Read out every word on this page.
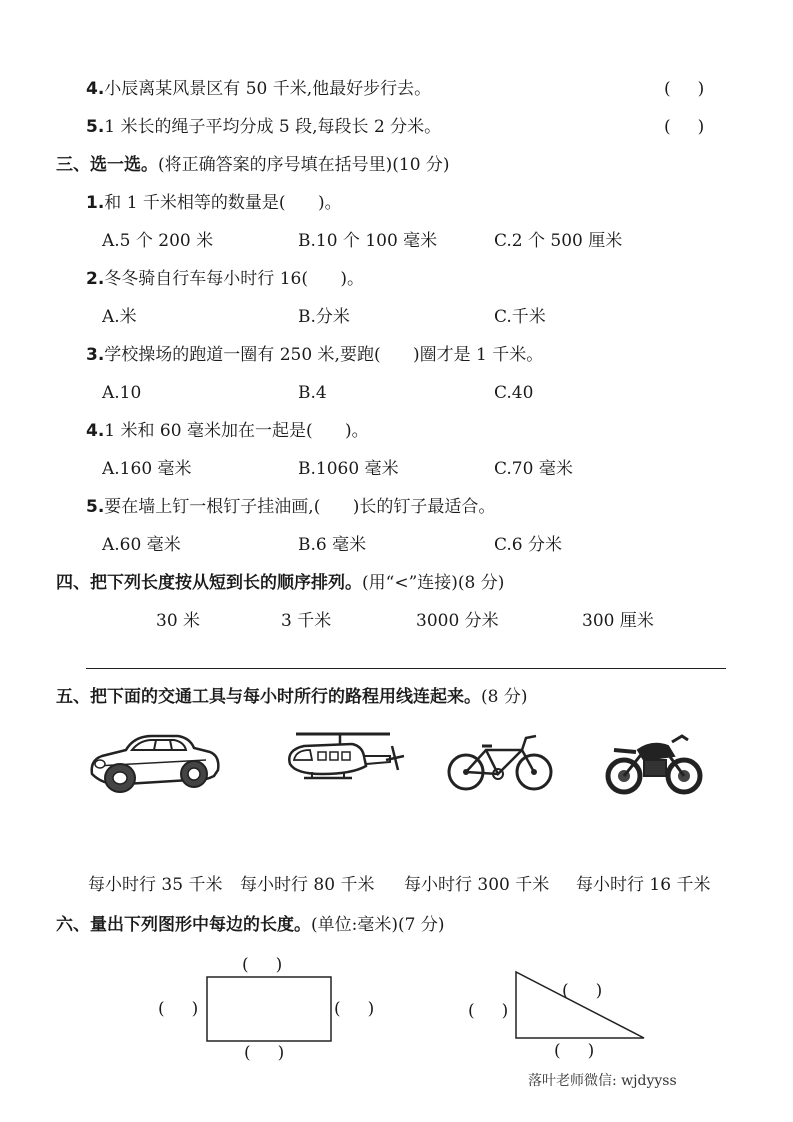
4.小辰离某风景区有 50 千米,他最好步行去。	(     )
5.1 米长的绳子平均分成 5 段,每段长 2 分米。	(     )
三、选一选。(将正确答案的序号填在括号里)(10 分)
1.和 1 千米相等的数量是(      )。
A.5 个 200 米	B.10 个 100 毫米	C.2 个 500 厘米
2.冬冬骑自行车每小时行 16(      )。
A.米	B.分米	C.千米
3.学校操场的跑道一圈有 250 米,要跑(      )圈才是 1 千米。
A.10	B.4	C.40
4.1 米和 60 毫米加在一起是(      )。
A.160 毫米	B.1060 毫米	C.70 毫米
5.要在墙上钉一根钉子挂油画,(      )长的钉子最适合。
A.60 毫米	B.6 毫米	C.6 分米
四、把下列长度按从短到长的顺序排列。(用“<”连接)(8 分)
30 米	3 千米	3000 分米	300 厘米
五、把下面的交通工具与每小时所行的路程用线连起来。(8 分)
每小时行 35 千米 每小时行 80 千米 每小时行 300 千米 每小时行 16 千米
六、量出下列图形中每边的长度。(单位:毫米)(7 分)
(     )
(     )	(     )
(     )
(     )
(     )
(     )
落叶老师微信: wjdyyss
